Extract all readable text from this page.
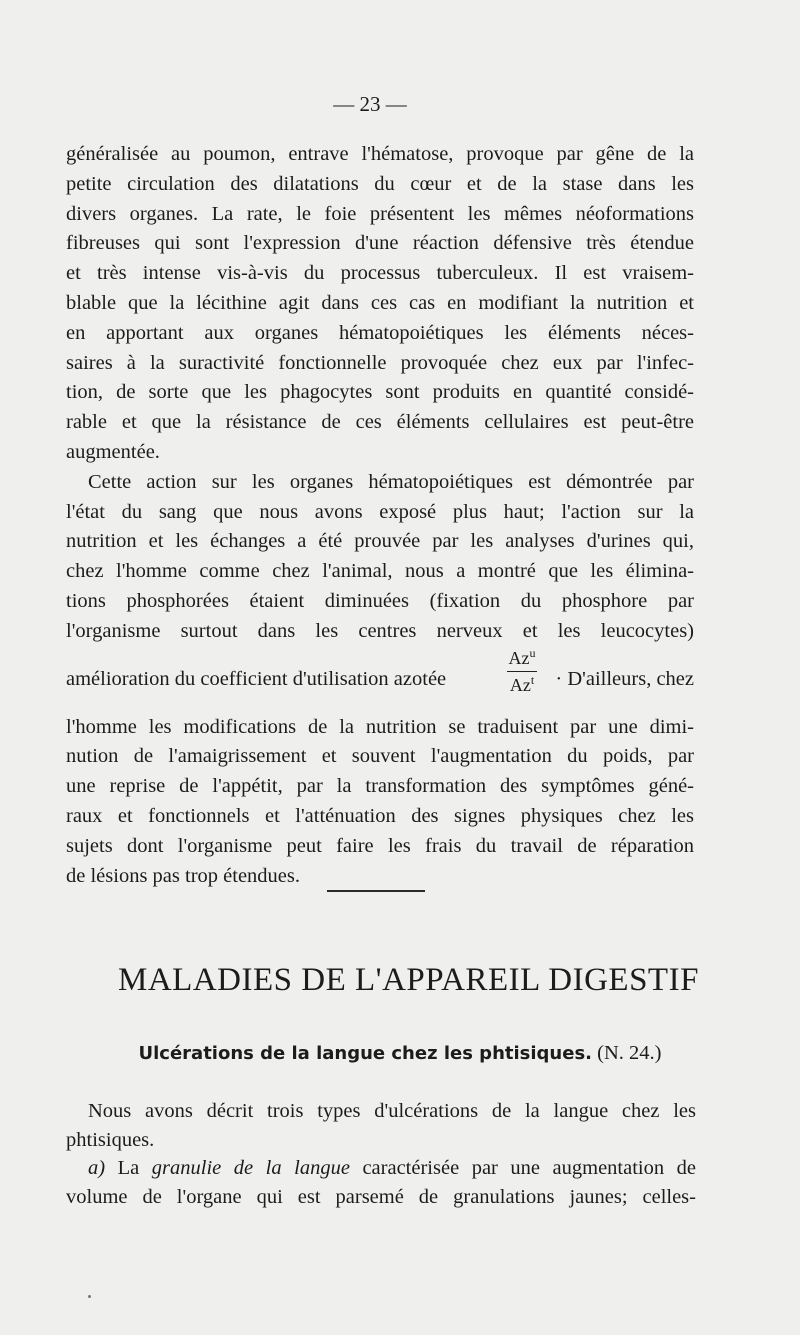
— 23 —
généralisée au poumon, entrave l'hématose, provoque par gêne de la
petite circulation des dilatations du cœur et de la stase dans les
divers organes. La rate, le foie présentent les mêmes néoformations
fibreuses qui sont l'expression d'une réaction défensive très étendue
et très intense vis-à-vis du processus tuberculeux. Il est vraisem-
blable que la lécithine agit dans ces cas en modifiant la nutrition et
en apportant aux organes hématopoiétiques les éléments néces-
saires à la suractivité fonctionnelle provoquée chez eux par l'infec-
tion, de sorte que les phagocytes sont produits en quantité considé-
rable et que la résistance de ces éléments cellulaires est peut-être
augmentée.
Cette action sur les organes hématopoiétiques est démontrée par
l'état du sang que nous avons exposé plus haut; l'action sur la
nutrition et les échanges a été prouvée par les analyses d'urines qui,
chez l'homme comme chez l'animal, nous a montré que les élimina-
tions phosphorées étaient diminuées (fixation du phosphore par
l'organisme surtout dans les centres nerveux et les leucocytes)
amélioration du coefficient d'utilisation azotée
Az$^u$
$Az^t$	· D'ailleurs, chez
l'homme les modifications de la nutrition se traduisent par une dimi-
nution de l'amaigrissement et souvent l'augmentation du poids, par
une reprise de l'appétit, par la transformation des symptômes géné-
raux et fonctionnels et l'atténuation des signes physiques chez les
sujets dont l'organisme peut faire les frais du travail de réparation
de lésions pas trop étendues.
MALADIES DE L'APPAREIL DIGESTIF
Ulcérations de la langue chez les phtisiques. (N. 24.)
Nous avons décrit trois types d'ulcérations de la langue chez les
phtisiques.
a) La granulie de la langue caractérisée par une augmentation de
volume de l'organe qui est parsemé de granulations jaunes; celles-
